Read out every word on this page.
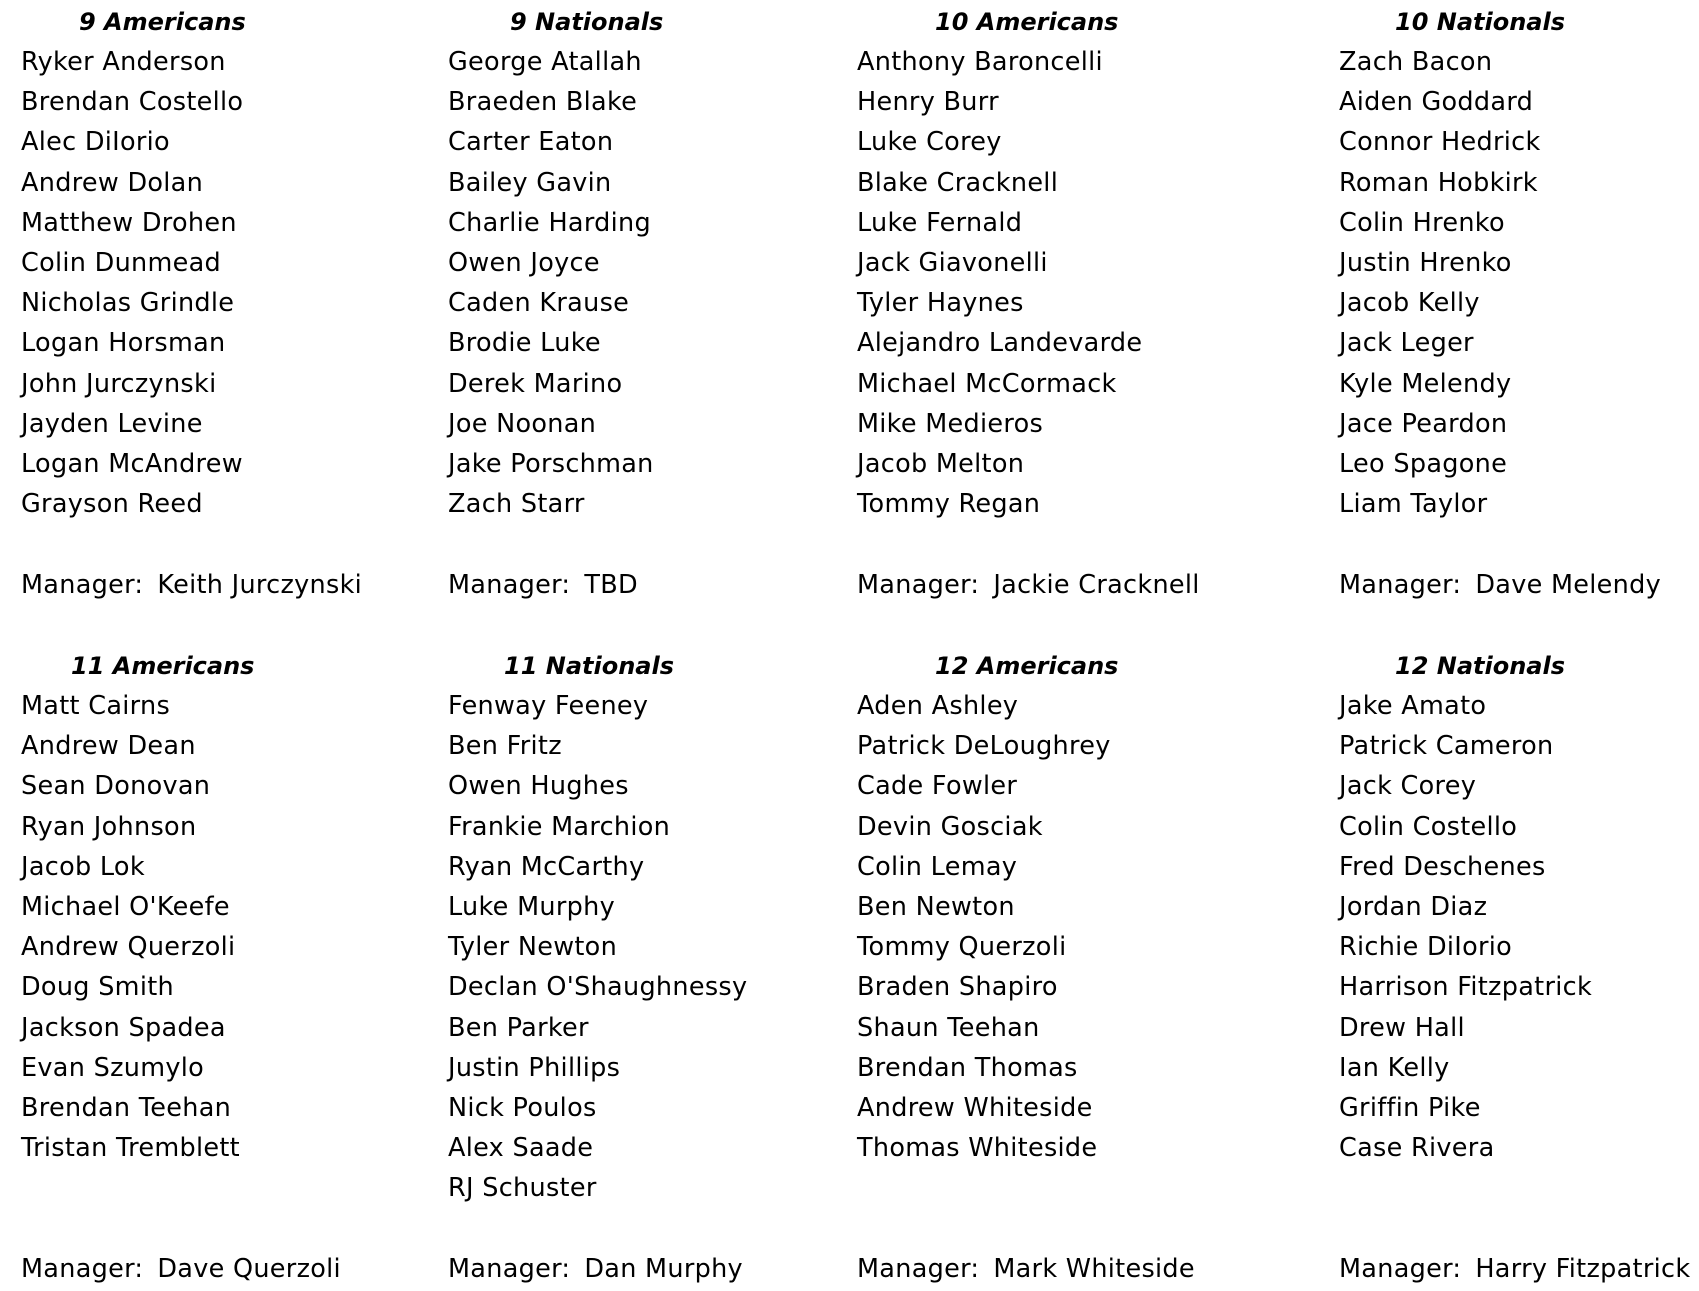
9 Americans
Ryker Anderson
Brendan Costello
Alec DiIorio
Andrew Dolan
Matthew Drohen
Colin Dunmead
Nicholas Grindle
Logan Horsman
John Jurczynski
Jayden Levine
Logan McAndrew
Grayson Reed
Manager: Keith Jurczynski
9 Nationals
George Atallah
Braeden Blake
Carter Eaton
Bailey Gavin
Charlie Harding
Owen Joyce
Caden Krause
Brodie Luke
Derek Marino
Joe Noonan
Jake Porschman
Zach Starr
Manager: TBD
10 Americans
Anthony Baroncelli
Henry Burr
Luke Corey
Blake Cracknell
Luke Fernald
Jack Giavonelli
Tyler Haynes
Alejandro Landevarde
Michael McCormack
Mike Medieros
Jacob Melton
Tommy Regan
Manager: Jackie Cracknell
10 Nationals
Zach Bacon
Aiden Goddard
Connor Hedrick
Roman Hobkirk
Colin Hrenko
Justin Hrenko
Jacob Kelly
Jack Leger
Kyle Melendy
Jace Peardon
Leo Spagone
Liam Taylor
Manager: Dave Melendy
11 Americans
Matt Cairns
Andrew Dean
Sean Donovan
Ryan Johnson
Jacob Lok
Michael O'Keefe
Andrew Querzoli
Doug Smith
Jackson Spadea
Evan Szumylo
Brendan Teehan
Tristan Tremblett
Manager: Dave Querzoli
11 Nationals
Fenway Feeney
Ben Fritz
Owen Hughes
Frankie Marchion
Ryan McCarthy
Luke Murphy
Tyler Newton
Declan O'Shaughnessy
Ben Parker
Justin Phillips
Nick Poulos
Alex Saade
RJ Schuster
Manager: Dan Murphy
12 Americans
Aden Ashley
Patrick DeLoughrey
Cade Fowler
Devin Gosciak
Colin Lemay
Ben Newton
Tommy Querzoli
Braden Shapiro
Shaun Teehan
Brendan Thomas
Andrew Whiteside
Thomas Whiteside
Manager: Mark Whiteside
12 Nationals
Jake Amato
Patrick Cameron
Jack Corey
Colin Costello
Fred Deschenes
Jordan Diaz
Richie DiIorio
Harrison Fitzpatrick
Drew Hall
Ian Kelly
Griffin Pike
Case Rivera
Manager: Harry Fitzpatrick
